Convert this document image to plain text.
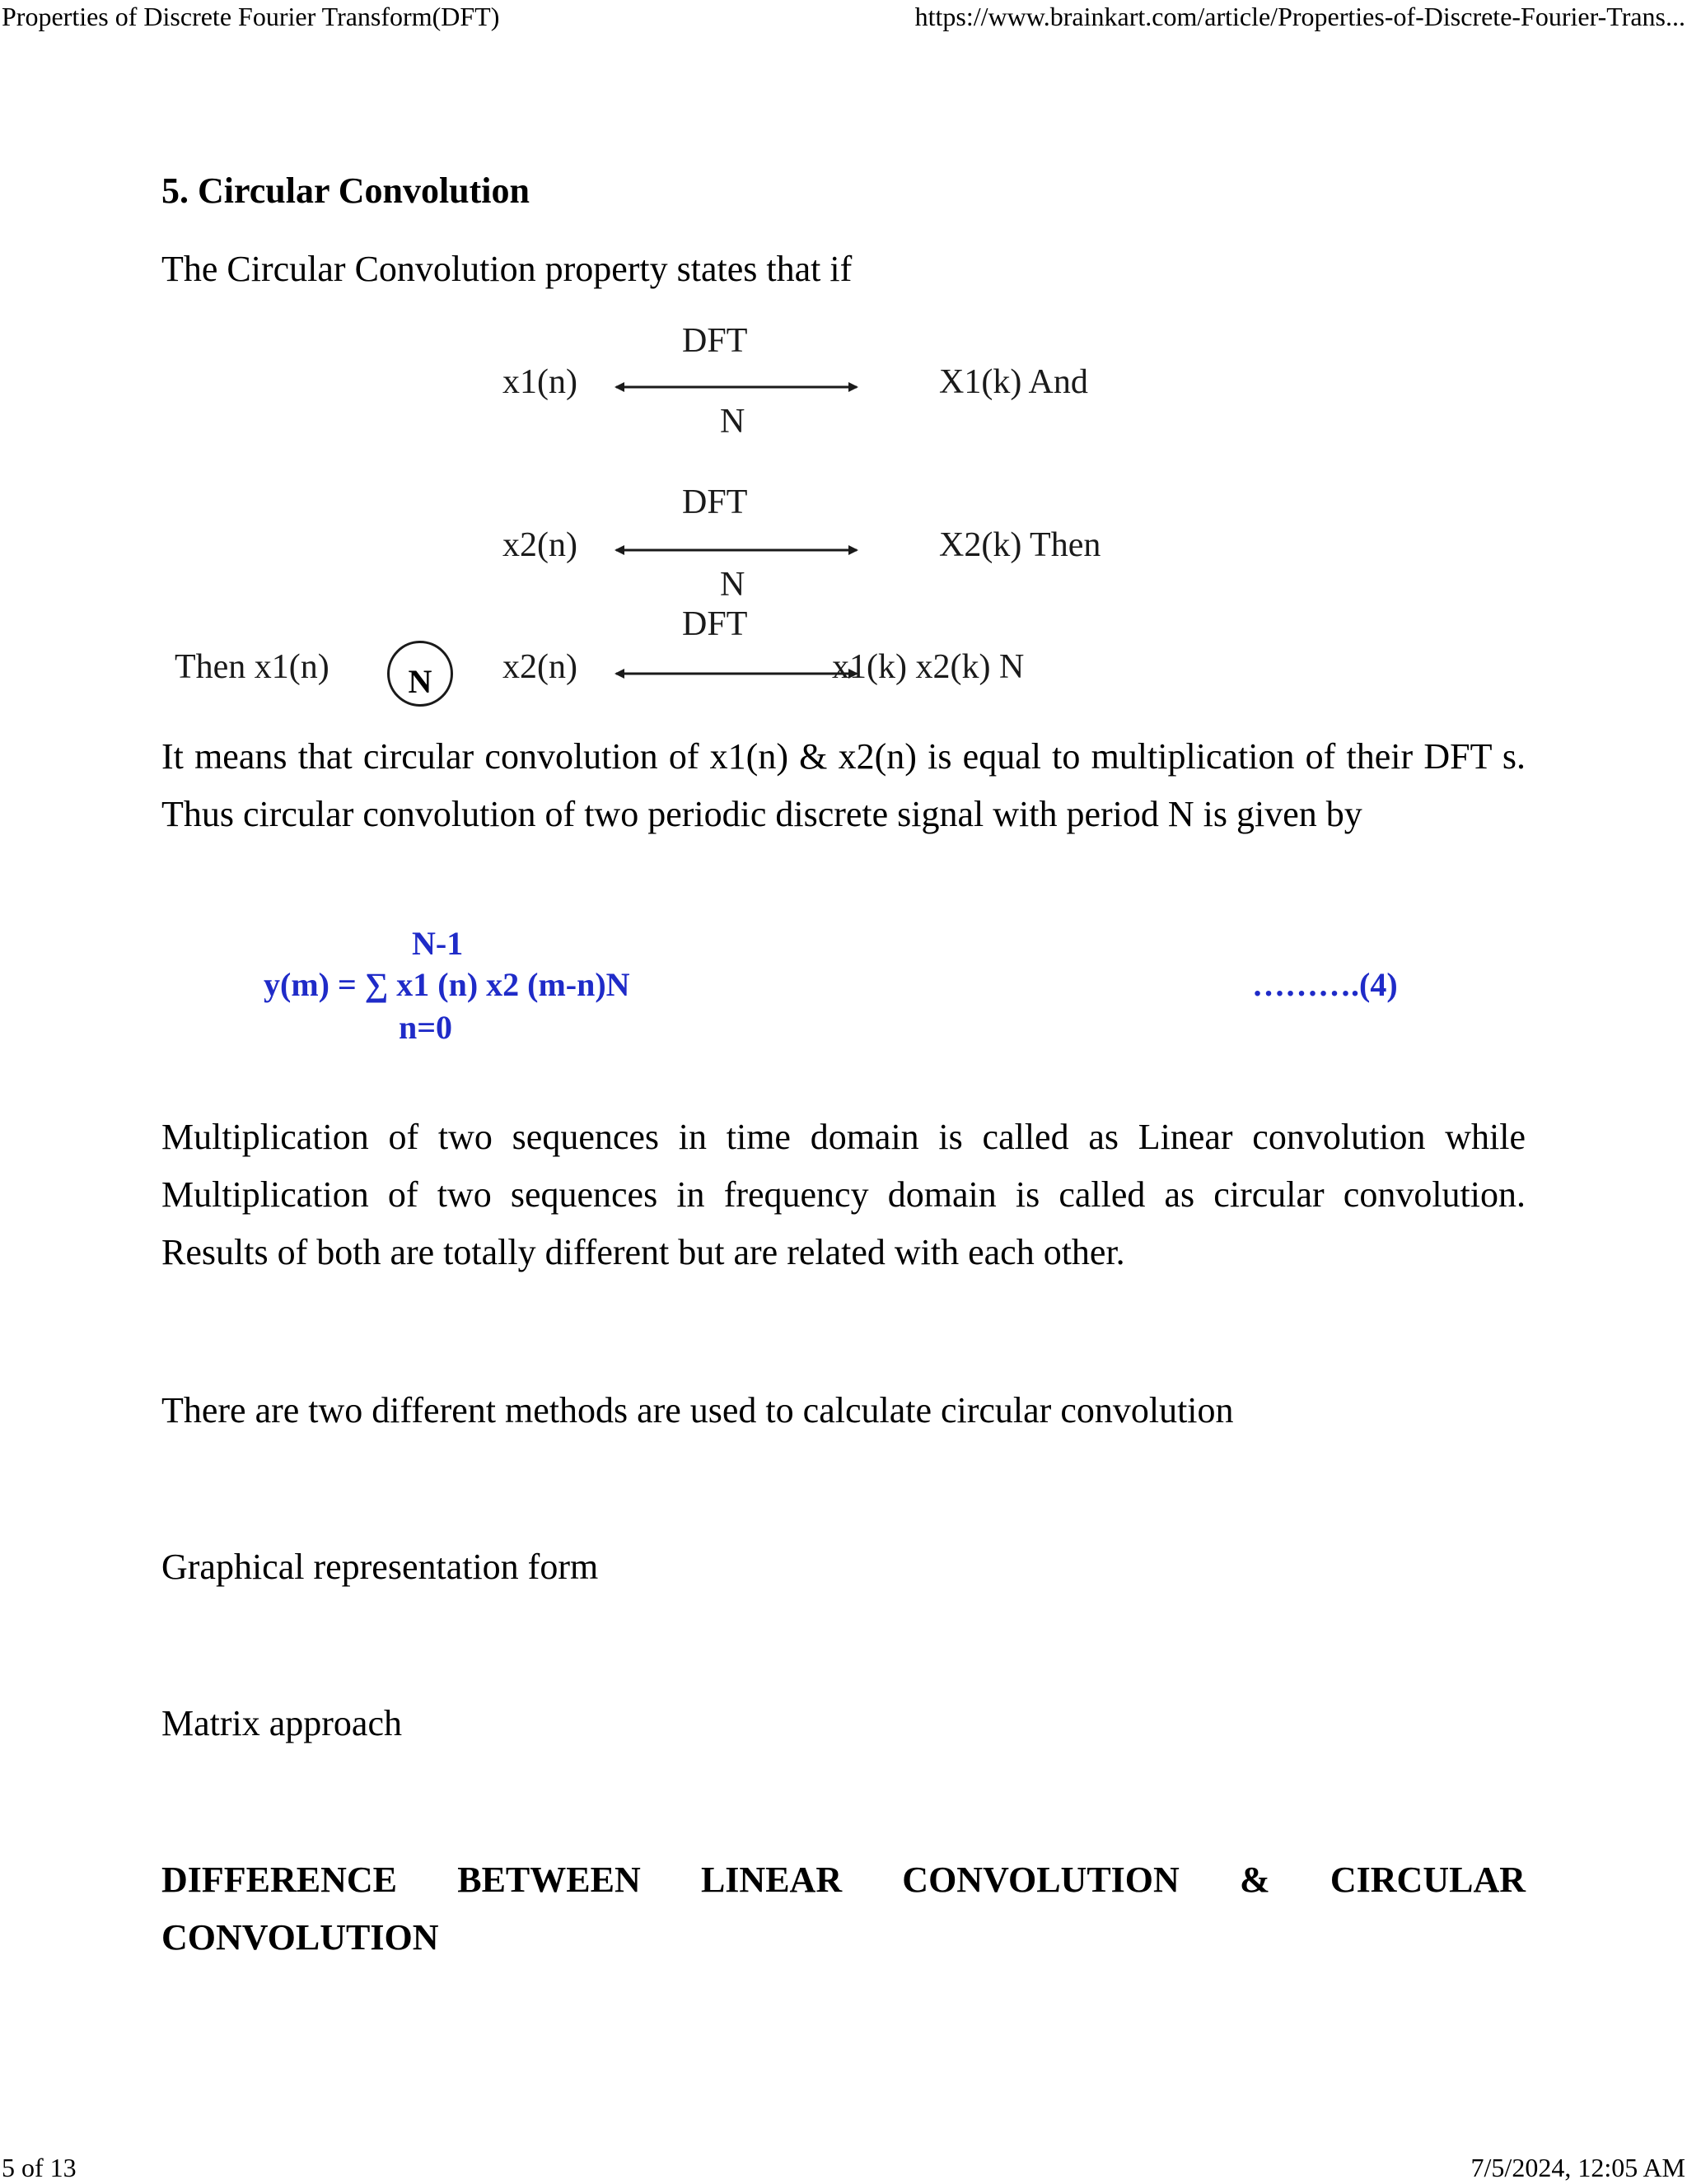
Properties of Discrete Fourier Transform(DFT)	https://www.brainkart.com/article/Properties-of-Discrete-Fourier-Trans...
5. Circular Convolution
The Circular Convolution property states that if
DFT
x1(n)	X1(k) And
N
DFT
x2(n)	X2(k) Then
N
DFT
Then x1(n)	N	x2(n)	x1(k) x2(k) N
It means that circular convolution of x1(n) & x2(n) is equal to multiplication of their DFT s. Thus circular convolution of two periodic discrete signal with period N is given by
N-1
y(m) = ∑ x1 (n) x2 (m-n)N
n=0
……….(4)
Multiplication of two sequences in time domain is called as Linear convolution while Multiplication of two sequences in frequency domain is called as circular convolution. Results of both are totally different but are related with each other.
There are two different methods are used to calculate circular convolution
Graphical representation form
Matrix approach
DIFFERENCE BETWEEN LINEAR CONVOLUTION & CIRCULAR CONVOLUTION
5 of 13	7/5/2024, 12:05 AM
